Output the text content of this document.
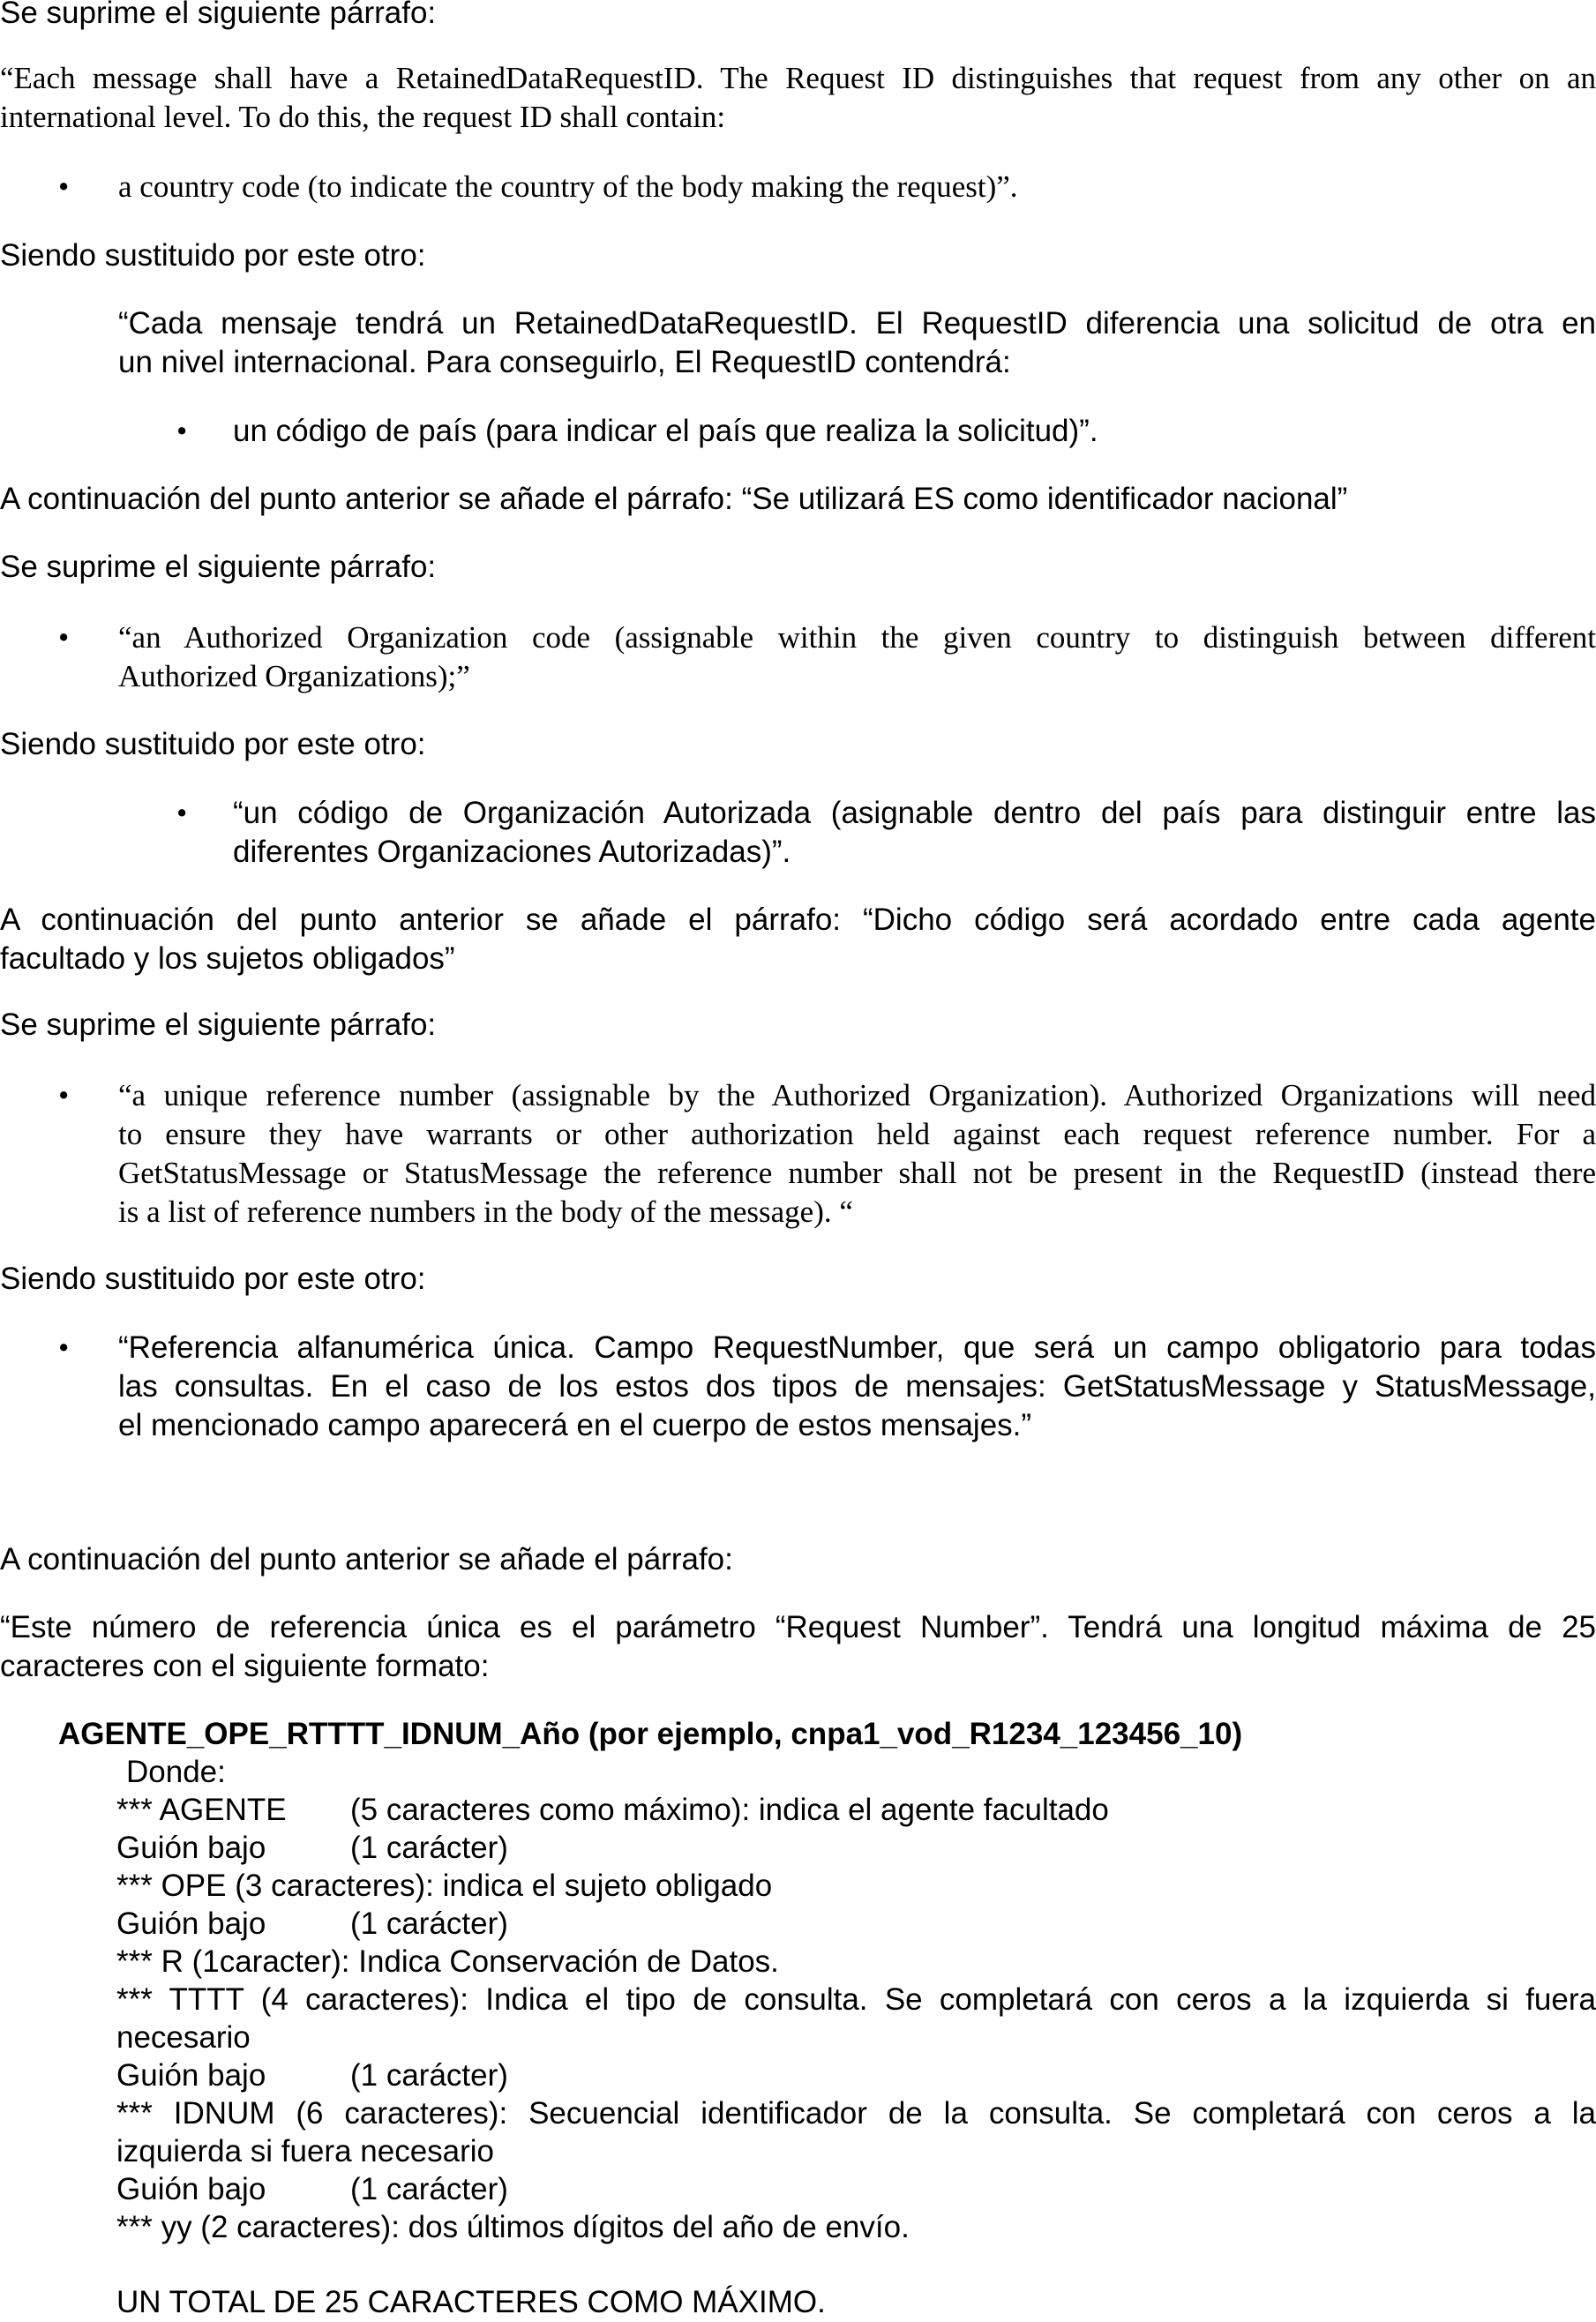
Se suprime el siguiente párrafo:

“Each message shall have a RetainedDataRequestID. The Request ID distinguishes that request from any other on an

international level. To do this, the request ID shall contain:

• a country code (to indicate the country of the body making the request)”.

Siendo sustituido por este otro:

“Cada mensaje tendrá un RetainedDataRequestID. El RequestID diferencia una solicitud de otra en

un nivel internacional. Para conseguirlo, El RequestID contendrá:

• un código de país (para indicar el país que realiza la solicitud)”.

A continuación del punto anterior se añade el párrafo: “Se utilizará ES como identificador nacional”

Se suprime el siguiente párrafo:

• “an Authorized Organization code (assignable within the given country to distinguish between different

Authorized Organizations);”

Siendo sustituido por este otro:

• “un código de Organización Autorizada (asignable dentro del país para distinguir entre las

diferentes Organizaciones Autorizadas)”.

A continuación del punto anterior se añade el párrafo: “Dicho código será acordado entre cada agente

facultado y los sujetos obligados”

Se suprime el siguiente párrafo:

• “a unique reference number (assignable by the Authorized Organization). Authorized Organizations will need

to ensure they have warrants or other authorization held against each request reference number. For a

GetStatusMessage or StatusMessage the reference number shall not be present in the RequestID (instead there

is a list of reference numbers in the body of the message). “

Siendo sustituido por este otro:

• “Referencia alfanumérica única. Campo RequestNumber, que será un campo obligatorio para todas

las consultas. En el caso de los estos dos tipos de mensajes: GetStatusMessage y StatusMessage,

el mencionado campo aparecerá en el cuerpo de estos mensajes.”

A continuación del punto anterior se añade el párrafo:

“Este número de referencia única es el parámetro “Request Number”. Tendrá una longitud máxima de 25

caracteres con el siguiente formato:

AGENTE_OPE_RTTTT_IDNUM_Año (por ejemplo, cnpa1_vod_R1234_123456_10)

Donde:

*** AGENTE (5 caracteres como máximo): indica el agente facultado

Guión bajo	(1 carácter)

*** OPE (3 caracteres): indica el sujeto obligado

Guión bajo	(1 carácter)

*** R (1caracter): Indica Conservación de Datos.

*** TTTT (4 caracteres): Indica el tipo de consulta. Se completará con ceros a la izquierda si fuera

necesario

Guión bajo	(1 carácter)

*** IDNUM (6 caracteres): Secuencial identificador de la consulta. Se completará con ceros a la

izquierda si fuera necesario

Guión bajo	(1 carácter)

*** yy (2 caracteres): dos últimos dígitos del año de envío.

UN TOTAL DE 25 CARACTERES COMO MÁXIMO.
